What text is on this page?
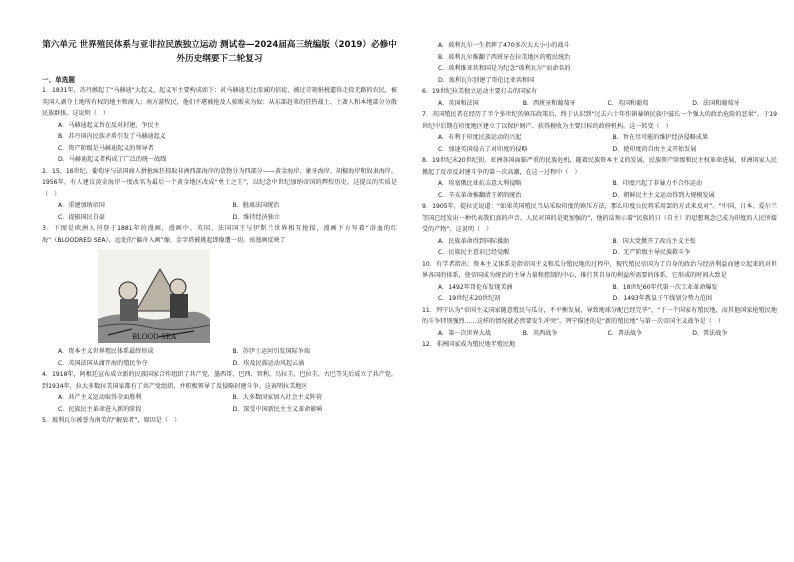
第六单元 世界殖民体系与亚非拉民族独立运动 测试卷—2024届高三统编版（2019）必修中外历史纲要下二轮复习
一、单选题
1．1831年，苏丹掀起了“马赫迪”大起义，起义军主要构成如下：对马赫迪无比虔诚的信徒，被过苛刻捐税逼得走投无路的农民，被英国人剥夺土地所有权的地主和商人；南方游牧民，他们不堪被抢及人掠贩卖为奴；从东部赶来的狂热战士、土著人和本地部分分散民族群体。这说明（　）
A．马赫迪起义旨在反对封建、争民主
B．苏丹国内民族矛盾引发了马赫迪起义
C．资产阶级是马赫迪起义的领导者
D．马赫迪起义者构成了广泛的统一战线
2．15、16世纪，葡萄牙与法国商人拼抢疯狂掠取非洲西部海岸的货物分为四部分——黄金海岸、象牙海岸、胡椒海岸和奴隶海岸。1956年，有人建议黄金海岸一度改名为最后一个黄金地区改成“勇士之王”，以纪念中世纪加纳帝国的辉煌历史。这提议的实质是（　）
A．重建加纳帝国	B．脱离法国统治
C．提振国民自豪	D．维持经济独立
3．下图是欧洲人刊登于1881年的漫画，漫画中，英国、法国国王与伊斯兰世界相互抢掠，漫画下方写着“浴血的红海”（BLOODRED SEA），远处的“偏舟入画”像。金字塔被挑起即像遭一切。该漫画反映了
BLOOD SEA
A．资本主义世界殖民体系最终形成	B．苏伊士运河引发国际争端
C．英国法国从庸开海的殖民争夺	D．埃及民族运动风起云涌
4．1918年，阿根廷宣布成立新的民族国家合作组织了共产党，墨西哥、巴西、智利、乌拉圭、巴拉圭、古巴等先后成立了共产党。到1934年，拉大多数拉美国家都有了共产党组织，并积极领导了反侵略封建斗争。这表明拉美地区
A．共产主义运动取得全面胜利	B．大多数国家加入社会主义阵营
C．民族民主革命进入新的阶段	D．深受中国新民主主义革命影响
5．玻利瓦尔被誉为南美的“解放者”，原因是（　）
A．玻利瓦尔一生指挥了470多次大大小小的战斗
B．玻利瓦尔推翻了西班牙在拉美地区的殖民统治
C．玻利维亚共和国是为纪念“玻利瓦尔”而命名的
D．玻利瓦尔创建了哥伦比亚共和国
6．19世纪拉美独立运动主要打击的国家有
A．英国和法国	B．西班牙和葡萄牙	C．英国和葡萄	D．法国和葡萄牙
7．英国殖民者在经历了半个多世纪的镇压政策后，终于认识到“过去六十年作镇暴镇民族中滋长一个强大的政治危险的恶果”，于19世纪中后期在印度地区建立了以保护财产、获得税收为主要目标的政府机构。这一转变（　）
A．有利于印度民族运动的兴起	B．旨在尽可能的维护经济侵略成果
C．加速英国侵占了对印度的侵略	D．使印度的自由主义开始发展
8．19世纪末20世纪初，亚洲各国面临严重的民族危机，随着民族资本主义的发展，民族资产阶级和民主权革命进展，亚洲国家人民掀起了反帝反封建斗争的第一次高潮，在这一过程中（　）
A．埃塞俄比亚抗击意大利侵略	B．印度兴起了非暴力不合作运动
C．辛亥革命推翻清王朝的统治	D．朝鲜民主主义运动得到大规模发展
9．1905年，提拉克说道：“如果英国殖民当局采取印度的镇压方法，那么印度公民将采用罢的方式来反对”。“中国、日本、爱尔兰等国已经发出一种代表我们真的声音，人民对国的是更加强的”，他的话预示着“民族的日（自主）的思想观念已成为印度的人民所接受的产物”。这说明（　）
A．民族革命得到国际援助	B．国大党掀开了改良主义主张
C．民族民主意识已经觉醒	D．无产阶级主导民族救斗争
10．有学者指出：资本主义体系是指帝国主义和瓜分殖民地的过程中，现代殖民帝国为了自身的政治与经济利益而建立起来的对世界各国的体系，使帝国成为统治的主导力量和控制的中心，推行其自身的利益所需要的体系，它形成的时间大致是
A．1492年哥伦布发现美洲	B．18世纪60年代第一次工业革命爆发
C．19世纪末20世纪初	D．1493年教皇子午线划分势力范围
11．列宁认为“帝国主义国家随意殖民与瓜分，不平衡发展，导致地球分配已经完毕”，“于一个国家有殖民地，而其他国家抢殖民地的斗争特别强烈……这样的情况就必然要发生冲突”。列宁描述的是“新的殖民地”与第一次帝国主义战争是（　）
A．第一次世界大战	B．英西战争	C．普法战争	D．普法战争
12．非洲国家成为殖民地半殖民地
